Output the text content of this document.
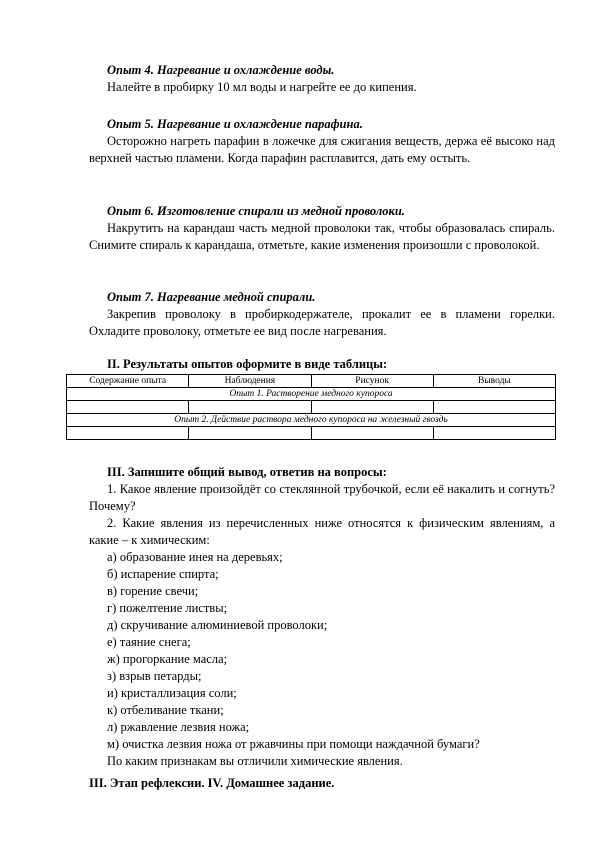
Опыт 4. Нагревание и охлаждение воды.

Налейте в пробирку 10 мл воды и нагрейте ее до кипения.

Опыт 5. Нагревание и охлаждение парафина.

Осторожно нагреть парафин в ложечке для сжигания веществ, держа её высоко над верхней частью пламени. Когда парафин расплавится, дать ему остыть.

Опыт 6. Изготовление спирали из медной проволоки.

Накрутить на карандаш часть медной проволоки так, чтобы образовалась спираль. Снимите спираль к карандаша, отметьте, какие изменения произошли с проволокой.

Опыт 7. Нагревание медной спирали.

Закрепив проволоку в пробиркодержателе, прокалит ее в пламени горелки. Охладите проволоку, отметьте ее вид после нагревания.

II. Результаты опытов оформите в виде таблицы:

Содержание опыта	Наблюдения	Рисунок	Выводы
Опыт 1. Растворение медного купороса			

Опыт 2. Действие раствора медного купороса на железный гвоздь			

III. Запишите общий вывод, ответив на вопросы:

1. Какое явление произойдёт со стеклянной трубочкой, если её накалить и согнуть? Почему?

2. Какие явления из перечисленных ниже относятся к физическим явлениям, а какие – к химическим:

а) образование инея на деревьях;

б) испарение спирта;

в) горение свечи;

г) пожелтение листвы;

д) скручивание алюминиевой проволоки;

е) таяние снега;

ж) прогоркание масла;

з) взрыв петарды;

и) кристаллизация соли;

к) отбеливание ткани;

л) ржавление лезвия ножа;

м) очистка лезвия ножа от ржавчины при помощи наждачной бумаги?

По каким признакам вы отличили химические явления.

III. Этап рефлексии. IV. Домашнее задание.
